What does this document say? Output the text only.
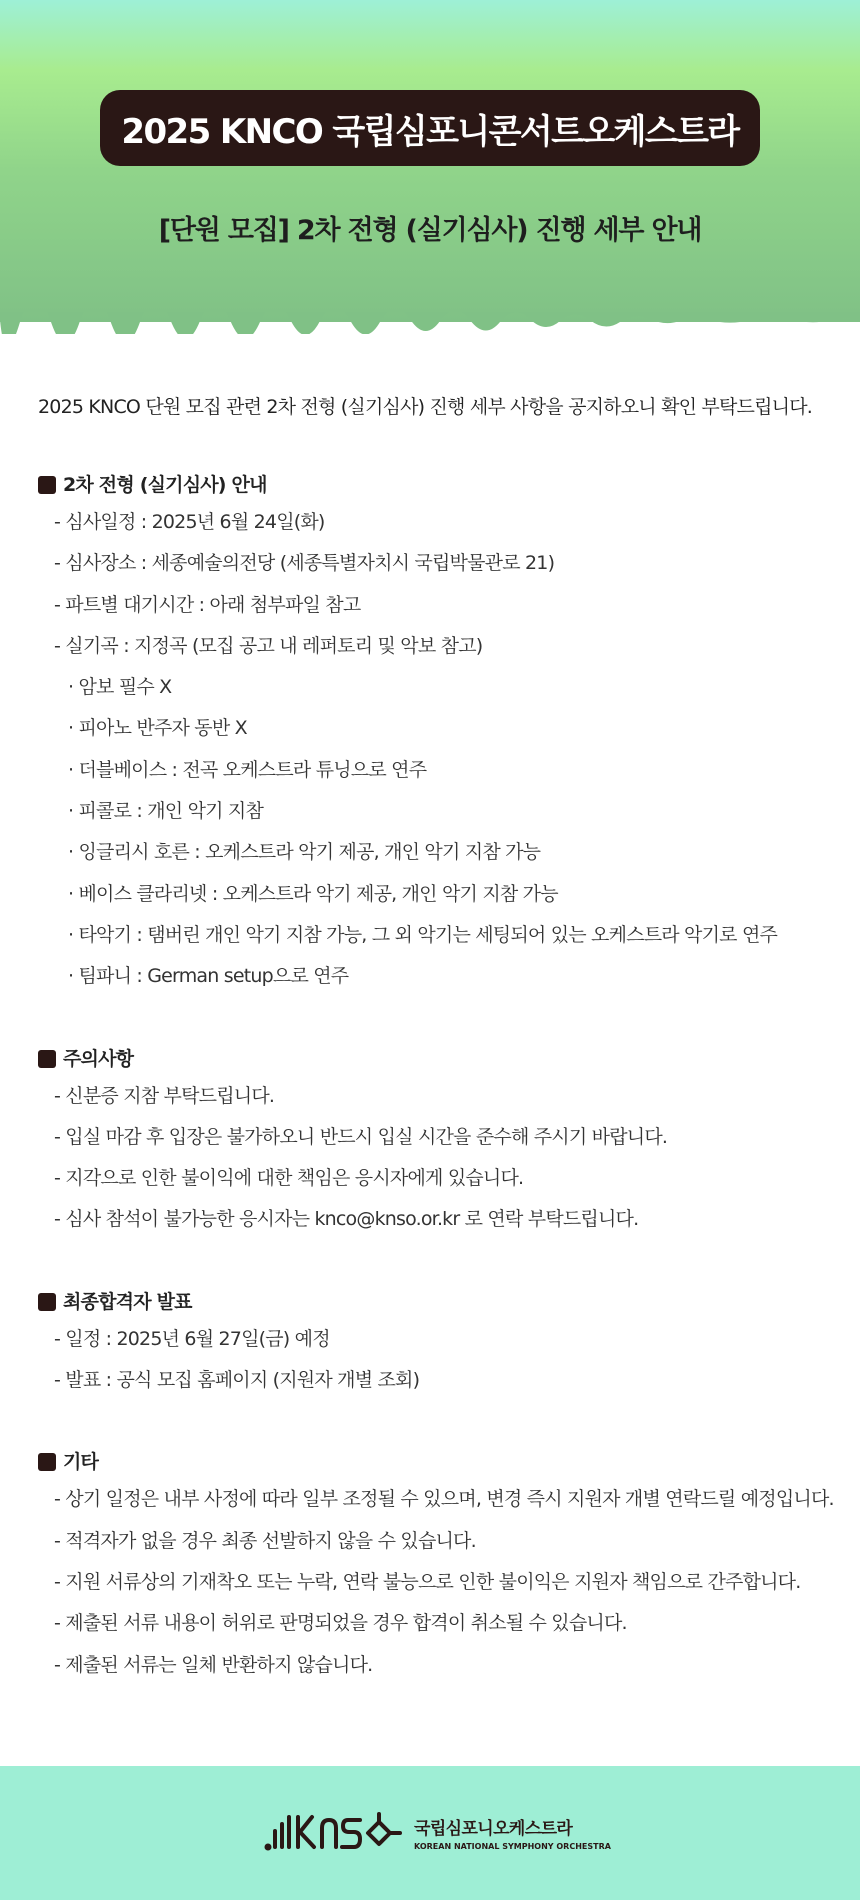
2025 KNCO 국립심포니콘서트오케스트라
[단원 모집] 2차 전형 (실기심사) 진행 세부 안내
2025 KNCO 단원 모집 관련 2차 전형 (실기심사) 진행 세부 사항을 공지하오니 확인 부탁드립니다.
2차 전형 (실기심사) 안내
- 심사일정 : 2025년 6월 24일(화)
- 심사장소 : 세종예술의전당 (세종특별자치시 국립박물관로 21)
- 파트별 대기시간 : 아래 첨부파일 참고
- 실기곡 : 지정곡 (모집 공고 내 레퍼토리 및 악보 참고)
· 암보 필수 X
· 피아노 반주자 동반 X
· 더블베이스 : 전곡 오케스트라 튜닝으로 연주
· 피콜로 : 개인 악기 지참
· 잉글리시 호른 : 오케스트라 악기 제공, 개인 악기 지참 가능
· 베이스 클라리넷 : 오케스트라 악기 제공, 개인 악기 지참 가능
· 타악기 : 탬버린 개인 악기 지참 가능, 그 외 악기는 세팅되어 있는 오케스트라 악기로 연주
· 팀파니 : German setup으로 연주
주의사항
- 신분증 지참 부탁드립니다.
- 입실 마감 후 입장은 불가하오니 반드시 입실 시간을 준수해 주시기 바랍니다.
- 지각으로 인한 불이익에 대한 책임은 응시자에게 있습니다.
- 심사 참석이 불가능한 응시자는 knco@knso.or.kr 로 연락 부탁드립니다.
최종합격자 발표
- 일정 : 2025년 6월 27일(금) 예정
- 발표 : 공식 모집 홈페이지 (지원자 개별 조회)
기타
- 상기 일정은 내부 사정에 따라 일부 조정될 수 있으며, 변경 즉시 지원자 개별 연락드릴 예정입니다.
- 적격자가 없을 경우 최종 선발하지 않을 수 있습니다.
- 지원 서류상의 기재착오 또는 누락, 연락 불능으로 인한 불이익은 지원자 책임으로 간주합니다.
- 제출된 서류 내용이 허위로 판명되었을 경우 합격이 취소될 수 있습니다.
- 제출된 서류는 일체 반환하지 않습니다.
국립심포니오케스트라
KOREAN NATIONAL SYMPHONY ORCHESTRA
